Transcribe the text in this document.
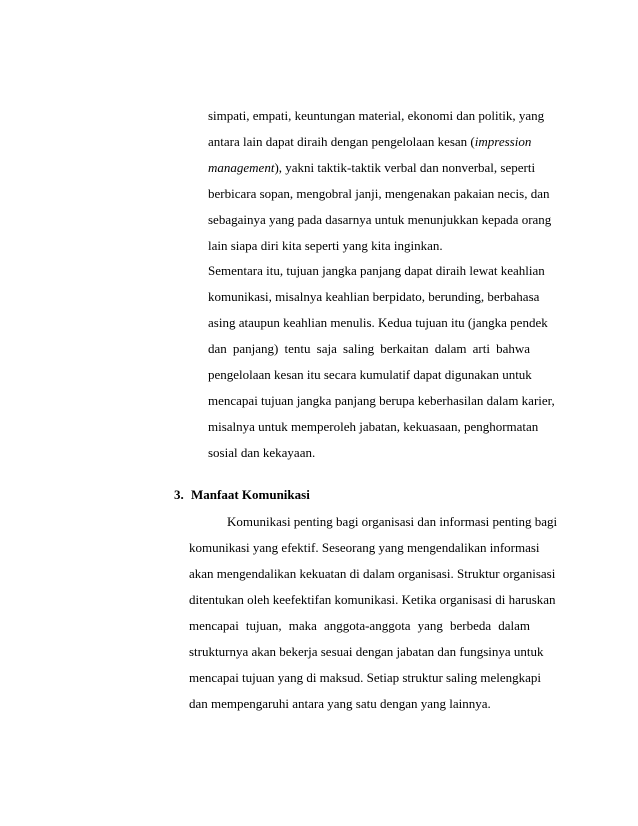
simpati, empati, keuntungan material, ekonomi dan politik, yang
antara lain dapat diraih dengan pengelolaan kesan (impression
management), yakni taktik-taktik verbal dan nonverbal, seperti
berbicara sopan, mengobral janji, mengenakan pakaian necis, dan
sebagainya yang pada dasarnya untuk menunjukkan kepada orang
lain siapa diri kita seperti yang kita inginkan.
Sementara itu, tujuan jangka panjang dapat diraih lewat keahlian
komunikasi, misalnya keahlian berpidato, berunding, berbahasa
asing ataupun keahlian menulis. Kedua tujuan itu (jangka pendek
dan panjang) tentu saja saling berkaitan dalam arti bahwa
pengelolaan kesan itu secara kumulatif dapat digunakan untuk
mencapai tujuan jangka panjang berupa keberhasilan dalam karier,
misalnya untuk memperoleh jabatan, kekuasaan, penghormatan
sosial dan kekayaan.
3. Manfaat Komunikasi
Komunikasi penting bagi organisasi dan informasi penting bagi
komunikasi yang efektif. Seseorang yang mengendalikan informasi
akan mengendalikan kekuatan di dalam organisasi. Struktur organisasi
ditentukan oleh keefektifan komunikasi. Ketika organisasi di haruskan
mencapai tujuan, maka anggota-anggota yang berbeda dalam
strukturnya akan bekerja sesuai dengan jabatan dan fungsinya untuk
mencapai tujuan yang di maksud. Setiap struktur saling melengkapi
dan mempengaruhi antara yang satu dengan yang lainnya.
